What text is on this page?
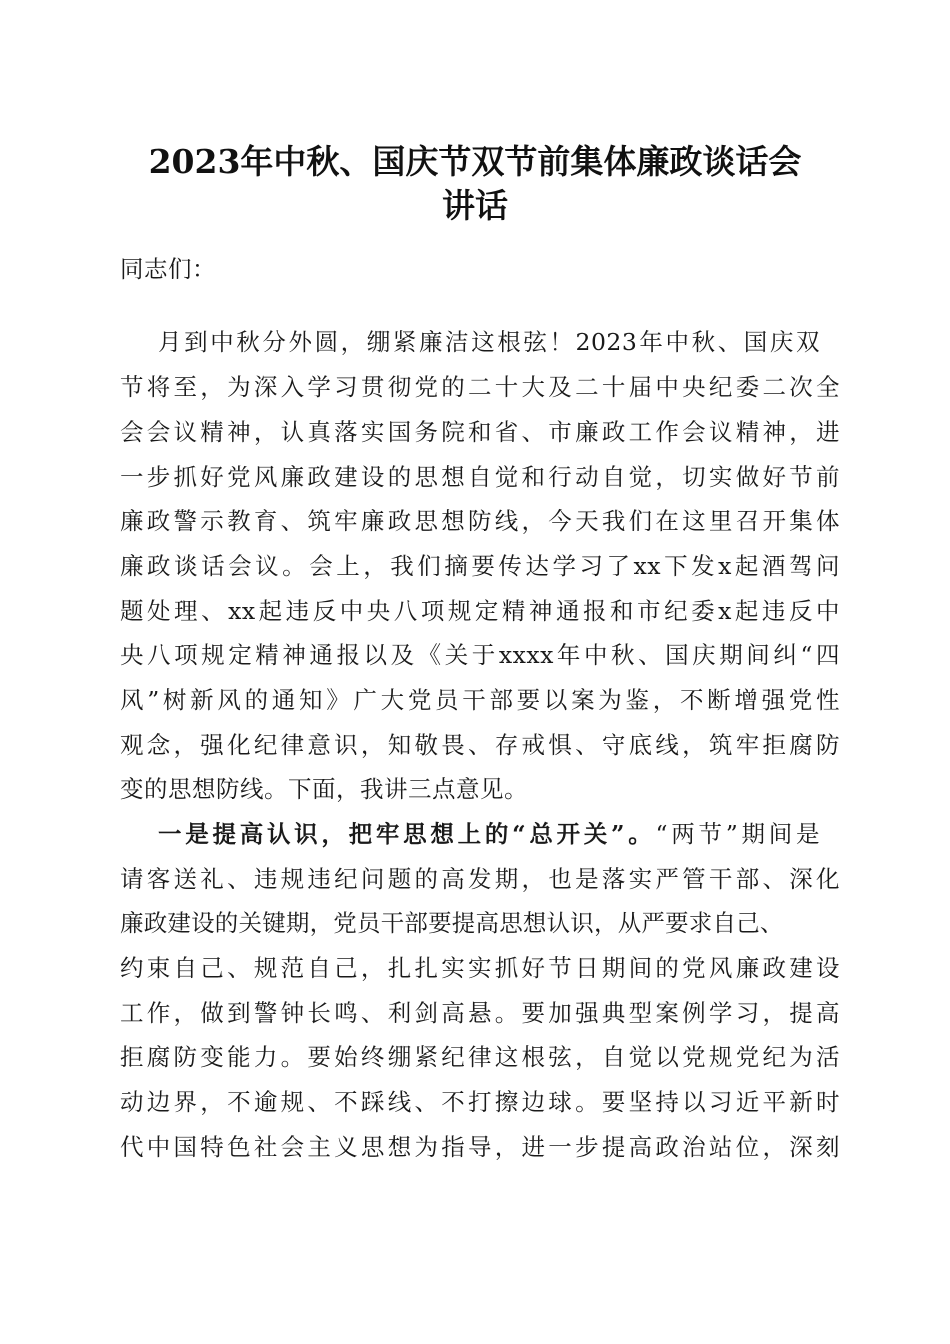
2023年中秋、国庆节双节前集体廉政谈话会
讲话
同志们：
月到中秋分外圆，绷紧廉洁这根弦！2023年中秋、国庆双
节将至，为深入学习贯彻党的二十大及二十届中央纪委二次全
会会议精神，认真落实国务院和省、市廉政工作会议精神，进
一步抓好党风廉政建设的思想自觉和行动自觉，切实做好节前
廉政警示教育、筑牢廉政思想防线，今天我们在这里召开集体
廉政谈话会议。会上，我们摘要传达学习了xx下发x起酒驾问
题处理、xx起违反中央八项规定精神通报和市纪委x起违反中
央八项规定精神通报以及《关于xxxx年中秋、国庆期间纠“四
风”树新风的通知》广大党员干部要以案为鉴，不断增强党性
观念，强化纪律意识，知敬畏、存戒惧、守底线，筑牢拒腐防
变的思想防线。下面，我讲三点意见。
一是提高认识，把牢思想上的“总开关”。“两节”期间是
请客送礼、违规违纪问题的高发期，也是落实严管干部、深化
廉政建设的关键期，党员干部要提高思想认识，从严要求自己、
约束自己、规范自己，扎扎实实抓好节日期间的党风廉政建设
工作，做到警钟长鸣、利剑高悬。要加强典型案例学习，提高
拒腐防变能力。要始终绷紧纪律这根弦，自觉以党规党纪为活
动边界，不逾规、不踩线、不打擦边球。要坚持以习近平新时
代中国特色社会主义思想为指导，进一步提高政治站位，深刻
